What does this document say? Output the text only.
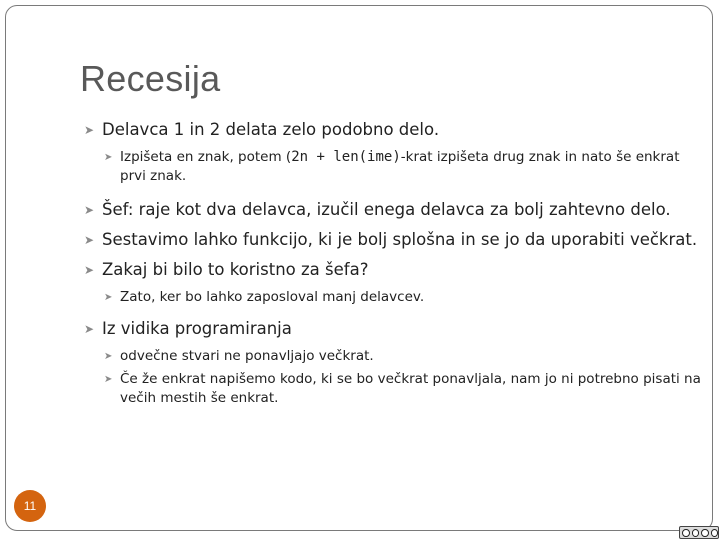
Recesija
➤ Delavca 1 in 2 delata zelo podobno delo.
➤ Izpišeta en znak, potem (2n + len(ime)-krat izpišeta drug znak in nato še enkrat prvi znak.
➤ Šef: raje kot dva delavca, izučil enega delavca za bolj zahtevno delo.
➤ Sestavimo lahko funkcijo, ki je bolj splošna in se jo da uporabiti večkrat.
➤ Zakaj bi bilo to koristno za šefa?
➤ Zato, ker bo lahko zaposloval manj delavcev.
➤ Iz vidika programiranja
➤ odvečne stvari ne ponavljajo večkrat.
➤ Če že enkrat napišemo kodo, ki se bo večkrat ponavljala, nam jo ni potrebno pisati na večih mestih še enkrat.
11
